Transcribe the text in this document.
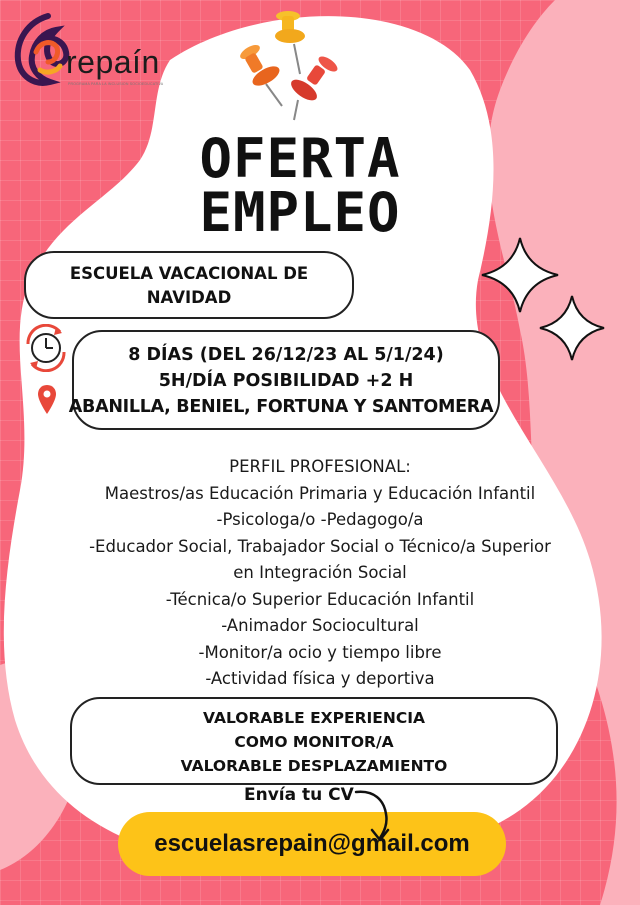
repaín
PROGRAMA PARA LA INCLUSION SOCIOEDUCATIVA
OFERTA
EMPLEO
ESCUELA VACACIONAL DE
NAVIDAD
8 DÍAS (DEL 26/12/23 AL 5/1/24)
5H/DÍA POSIBILIDAD +2 H
ABANILLA, BENIEL, FORTUNA Y SANTOMERA
PERFIL PROFESIONAL:
Maestros/as Educación Primaria y Educación Infantil
-Psicologa/o -Pedagogo/a
-Educador Social, Trabajador Social o Técnico/a Superior
en Integración Social
-Técnica/o Superior Educación Infantil
-Animador Sociocultural
-Monitor/a ocio y tiempo libre
-Actividad física y deportiva
VALORABLE EXPERIENCIA
COMO MONITOR/A
VALORABLE DESPLAZAMIENTO
Envía tu CV
escuelasrepain@gmail.com
